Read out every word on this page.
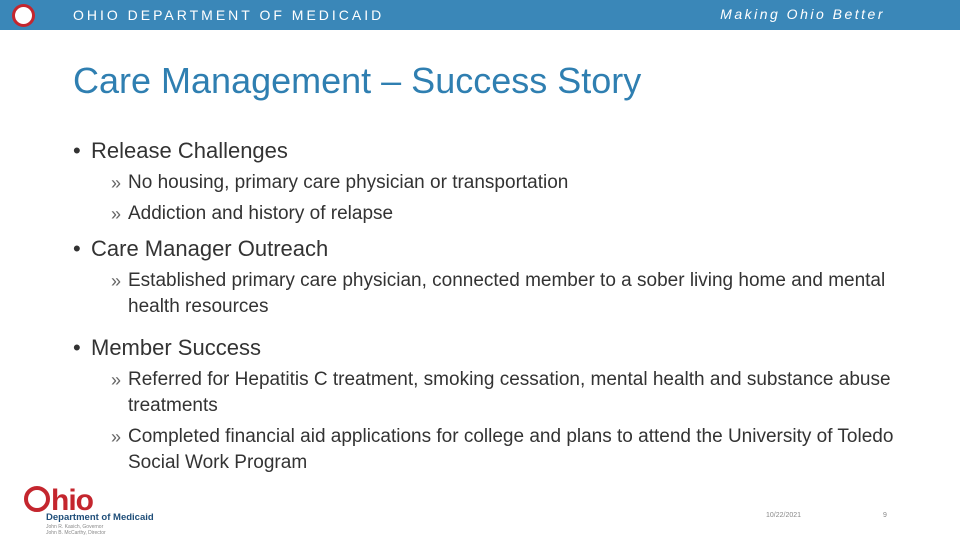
OHIO DEPARTMENT OF MEDICAID	Making Ohio Better
Care Management – Success Story
• Release Challenges
» No housing, primary care physician or transportation
» Addiction and history of relapse
• Care Manager Outreach
» Established primary care physician, connected member to a sober living home and mental health resources
• Member Success
» Referred for Hepatitis C treatment, smoking cessation, mental health and substance abuse treatments
» Completed financial aid applications for college and plans to attend the University of Toledo Social Work Program
hio
Department of Medicaid
John R. Kasich, Governor
John B. McCarthy, Director
10/22/2021	9
